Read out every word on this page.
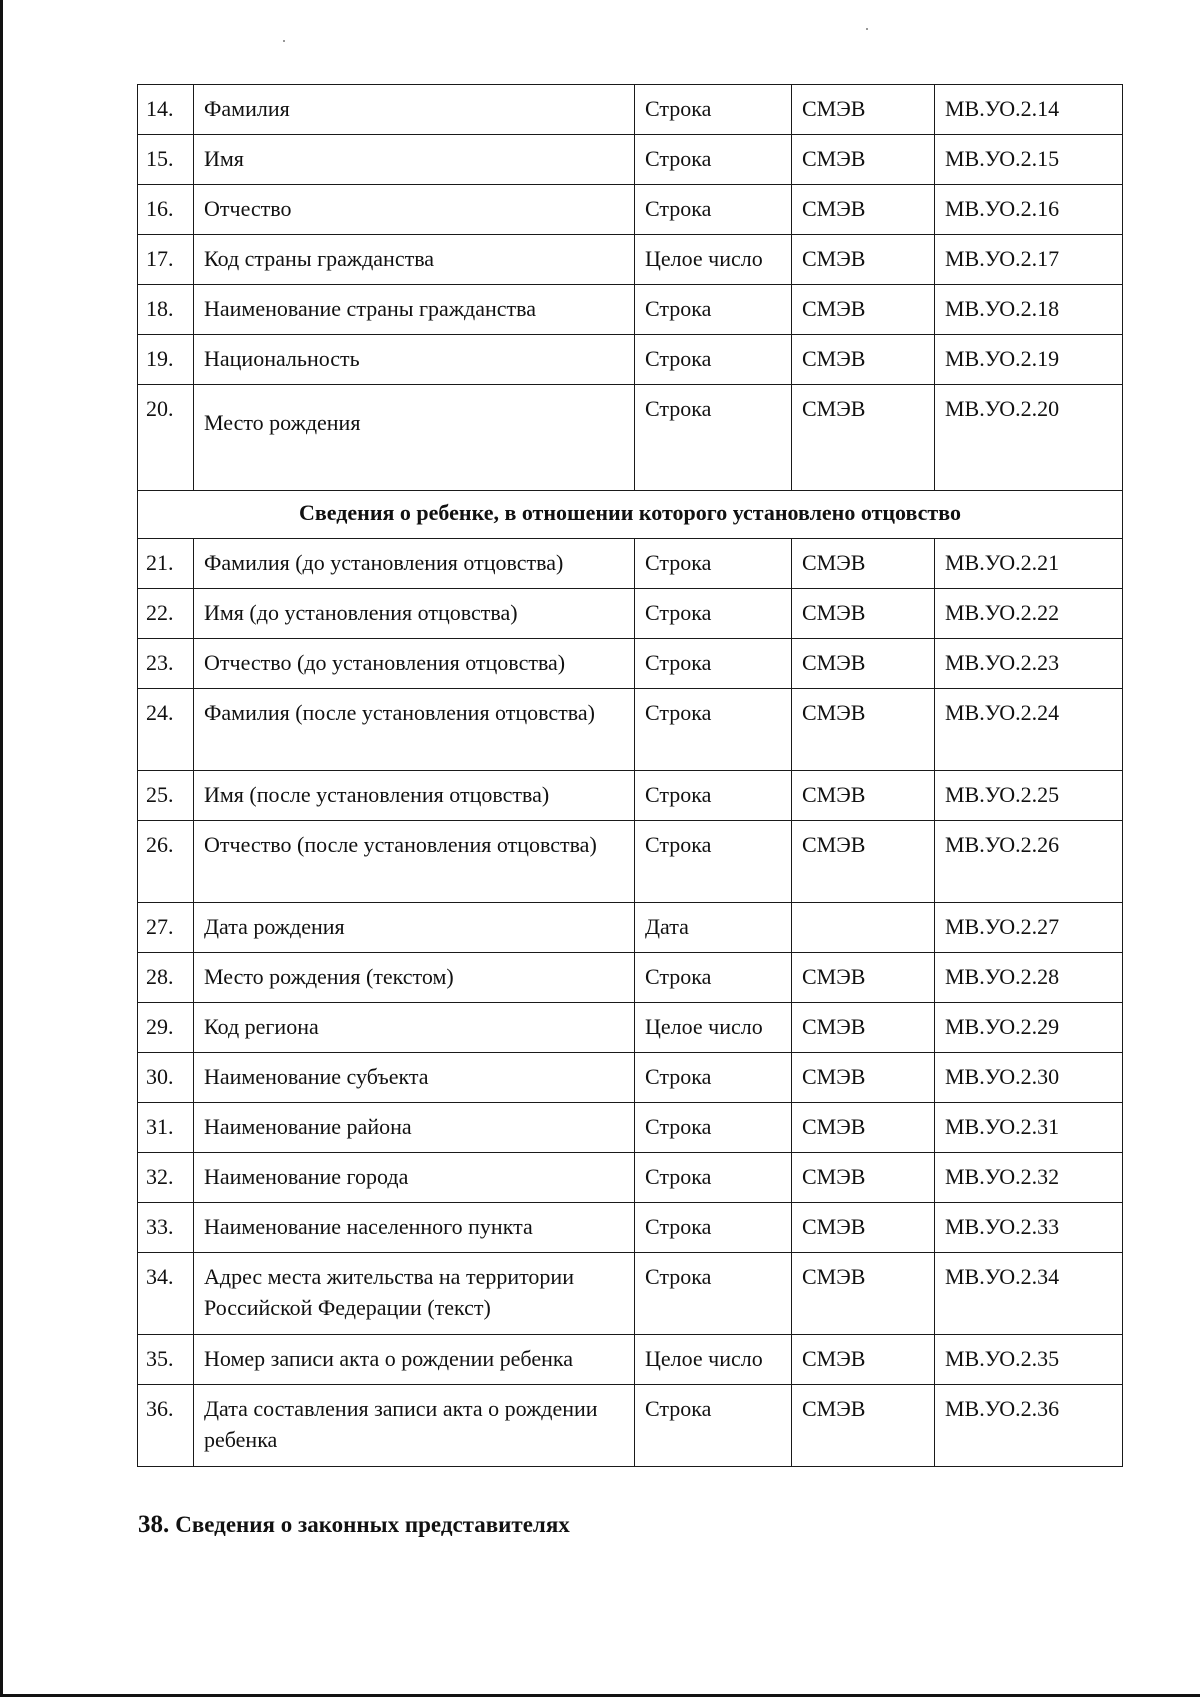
14.	Фамилия	Строка	СМЭВ	МВ.УО.2.14
15.	Имя	Строка	СМЭВ	МВ.УО.2.15
16.	Отчество	Строка	СМЭВ	МВ.УО.2.16
17.	Код страны гражданства	Целое число	СМЭВ	МВ.УО.2.17
18.	Наименование страны гражданства	Строка	СМЭВ	МВ.УО.2.18
19.	Национальность	Строка	СМЭВ	МВ.УО.2.19
20.	Место рождения	Строка	СМЭВ	МВ.УО.2.20
Сведения о ребенке, в отношении которого установлено отцовство				
21.	Фамилия (до установления отцовства)	Строка	СМЭВ	МВ.УО.2.21
22.	Имя (до установления отцовства)	Строка	СМЭВ	МВ.УО.2.22
23.	Отчество (до установления отцовства)	Строка	СМЭВ	МВ.УО.2.23
24.	Фамилия (после установления отцовства)	Строка	СМЭВ	МВ.УО.2.24
25.	Имя (после установления отцовства)	Строка	СМЭВ	МВ.УО.2.25
26.	Отчество (после установления отцовства)	Строка	СМЭВ	МВ.УО.2.26
27.	Дата рождения	Дата		МВ.УО.2.27
28.	Место рождения (текстом)	Строка	СМЭВ	МВ.УО.2.28
29.	Код региона	Целое число	СМЭВ	МВ.УО.2.29
30.	Наименование субъекта	Строка	СМЭВ	МВ.УО.2.30
31.	Наименование района	Строка	СМЭВ	МВ.УО.2.31
32.	Наименование города	Строка	СМЭВ	МВ.УО.2.32
33.	Наименование населенного пункта	Строка	СМЭВ	МВ.УО.2.33
34.	Адрес места жительства на территории Российской Федерации (текст)	Строка	СМЭВ	МВ.УО.2.34
35.	Номер записи акта о рождении ребенка	Целое число	СМЭВ	МВ.УО.2.35
36.	Дата составления записи акта о рождении ребенка	Строка	СМЭВ	МВ.УО.2.36
38. Сведения о законных представителях
